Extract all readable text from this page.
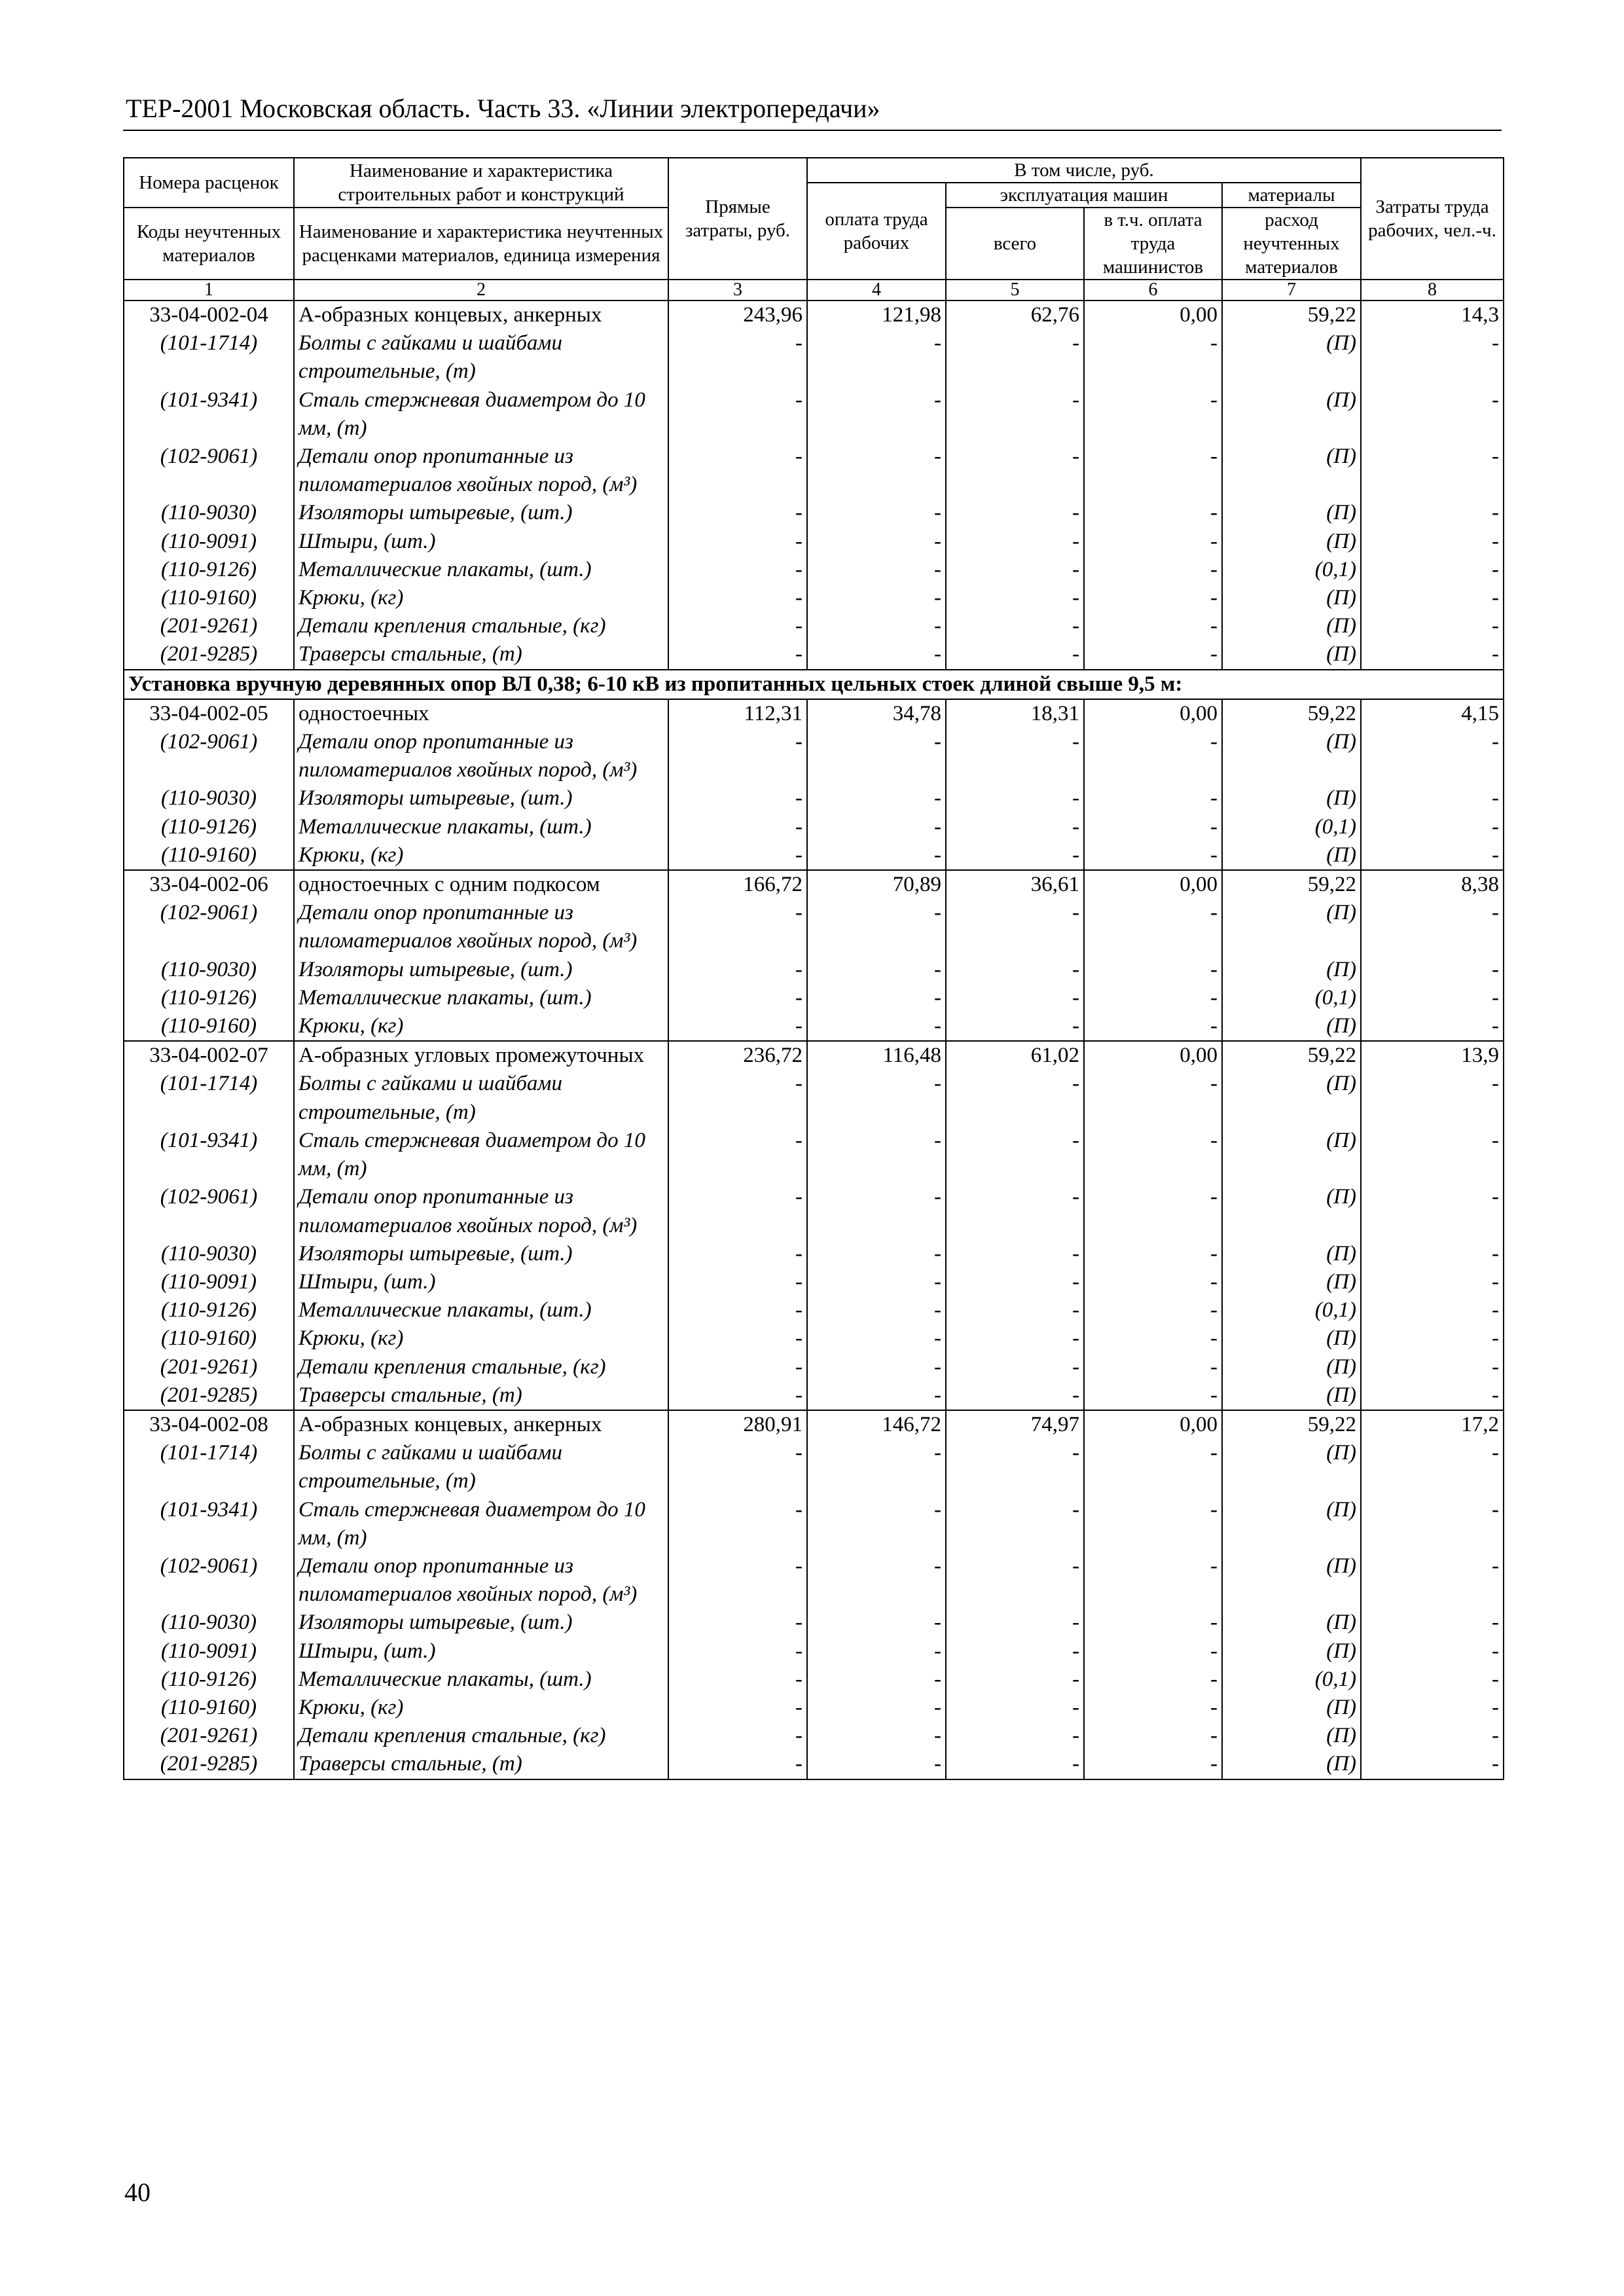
ТЕР-2001 Московская область. Часть 33. «Линии электропередачи»
Номера расценок	Наименование и характеристика строительных работ и конструкций	Прямые затраты, руб.	В том числе, руб.				Затраты труда рабочих, чел.-ч.
			оплата труда рабочих	эксплуатация машин		материалы	
Коды неучтенных материалов	Наименование и характеристика неучтенных расценками материалов, единица измерения			всего	в т.ч. оплата труда машинистов	расход неучтенных материалов	

1	2	3	4	5	6	7	8
33-04-002-04	А-образных концевых, анкерных	243,96	121,98	62,76	0,00	59,22	14,3
(101-1714)	Болты с гайками и шайбами строительные, (т)	-	-	-	-	(П)	-
(101-9341)	Сталь стержневая диаметром до 10 мм, (т)	-	-	-	-	(П)	-
(102-9061)	Детали опор пропитанные из пиломатериалов хвойных пород, (м³)	-	-	-	-	(П)	-
(110-9030)	Изоляторы штыревые, (шт.)	-	-	-	-	(П)	-
(110-9091)	Штыри, (шт.)	-	-	-	-	(П)	-
(110-9126)	Металлические плакаты, (шт.)	-	-	-	-	(0,1)	-
(110-9160)	Крюки, (кг)	-	-	-	-	(П)	-
(201-9261)	Детали крепления стальные, (кг)	-	-	-	-	(П)	-
(201-9285)	Траверсы стальные, (т)	-	-	-	-	(П)	-
Установка вручную деревянных опор ВЛ 0,38; 6-10 кВ из пропитанных цельных стоек длиной свыше 9,5 м:							
33-04-002-05	одностоечных	112,31	34,78	18,31	0,00	59,22	4,15
(102-9061)	Детали опор пропитанные из пиломатериалов хвойных пород, (м³)	-	-	-	-	(П)	-
(110-9030)	Изоляторы штыревые, (шт.)	-	-	-	-	(П)	-
(110-9126)	Металлические плакаты, (шт.)	-	-	-	-	(0,1)	-
(110-9160)	Крюки, (кг)	-	-	-	-	(П)	-
33-04-002-06	одностоечных с одним подкосом	166,72	70,89	36,61	0,00	59,22	8,38
(102-9061)	Детали опор пропитанные из пиломатериалов хвойных пород, (м³)	-	-	-	-	(П)	-
(110-9030)	Изоляторы штыревые, (шт.)	-	-	-	-	(П)	-
(110-9126)	Металлические плакаты, (шт.)	-	-	-	-	(0,1)	-
(110-9160)	Крюки, (кг)	-	-	-	-	(П)	-
33-04-002-07	А-образных угловых промежуточных	236,72	116,48	61,02	0,00	59,22	13,9
(101-1714)	Болты с гайками и шайбами строительные, (т)	-	-	-	-	(П)	-
(101-9341)	Сталь стержневая диаметром до 10 мм, (т)	-	-	-	-	(П)	-
(102-9061)	Детали опор пропитанные из пиломатериалов хвойных пород, (м³)	-	-	-	-	(П)	-
(110-9030)	Изоляторы штыревые, (шт.)	-	-	-	-	(П)	-
(110-9091)	Штыри, (шт.)	-	-	-	-	(П)	-
(110-9126)	Металлические плакаты, (шт.)	-	-	-	-	(0,1)	-
(110-9160)	Крюки, (кг)	-	-	-	-	(П)	-
(201-9261)	Детали крепления стальные, (кг)	-	-	-	-	(П)	-
(201-9285)	Траверсы стальные, (т)	-	-	-	-	(П)	-
33-04-002-08	А-образных концевых, анкерных	280,91	146,72	74,97	0,00	59,22	17,2
(101-1714)	Болты с гайками и шайбами строительные, (т)	-	-	-	-	(П)	-
(101-9341)	Сталь стержневая диаметром до 10 мм, (т)	-	-	-	-	(П)	-
(102-9061)	Детали опор пропитанные из пиломатериалов хвойных пород, (м³)	-	-	-	-	(П)	-
(110-9030)	Изоляторы штыревые, (шт.)	-	-	-	-	(П)	-
(110-9091)	Штыри, (шт.)	-	-	-	-	(П)	-
(110-9126)	Металлические плакаты, (шт.)	-	-	-	-	(0,1)	-
(110-9160)	Крюки, (кг)	-	-	-	-	(П)	-
(201-9261)	Детали крепления стальные, (кг)	-	-	-	-	(П)	-
(201-9285)	Траверсы стальные, (т)	-	-	-	-	(П)	-
40
